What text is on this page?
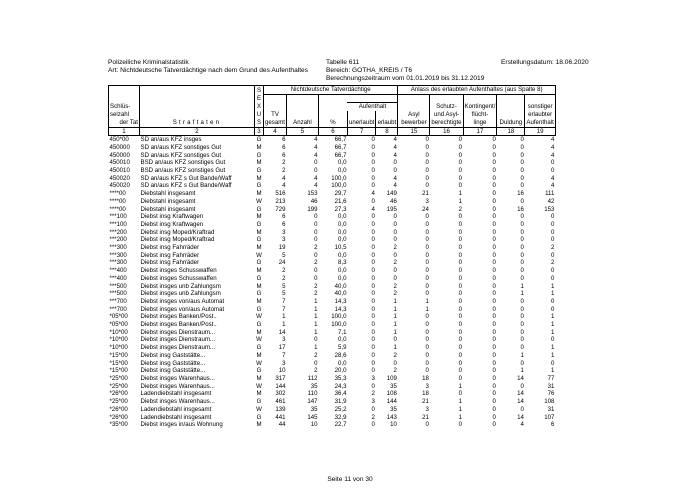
Polizeiliche Kriminalstatistik	Tabelle 611	Erstellungsdatum: 18.06.2020
Art: Nichtdeutsche Tatverdächtige nach dem Grund des Aufenthaltes	Bereich: GOTHA_KREIS / T6
Berechnungszeitraum vom 01.01.2019 bis 31.12.2019
		S	Nichtdeutsche Tatverdächtige					Anlass des erlaubten Aufenthaltes (aus Spalte 8)				
		E										
Schlüs-		X				Aufenthalt			Schutz-	Kontingent/		sonstiger
selzahl		U	TV					Asyl	und Asyl-	flücht-		erlaubter
der Tat	Straftaten	S	gesamt	Anzahl	%	unerlaubt	erlaubt	bewerber	berechtigte	linge	Duldung	Aufenthalt
1	2	3	4	5	6	7	8	15	16	17	18	19
450*00	SD an/aus KFZ insges	G	6	4	66,7	0	4	0	0	0	0	4
450000	SD an/aus KFZ sonstiges Gut	M	6	4	66,7	0	4	0	0	0	0	4
450000	SD an/aus KFZ sonstiges Gut	G	6	4	66,7	0	4	0	0	0	0	4
450010	BSD an/aus KFZ sonstiges Gut	M	2	0	0,0	0	0	0	0	0	0	0
450010	BSD an/aus KFZ sonstiges Gut	G	2	0	0,0	0	0	0	0	0	0	0
450020	SD an/aus KFZ s Gut Bande/Waff	M	4	4	100,0	0	4	0	0	0	0	4
450020	SD an/aus KFZ s Gut Bande/Waff	G	4	4	100,0	0	4	0	0	0	0	4
****00	Diebstahl insgesamt	M	516	153	29,7	4	149	21	1	0	16	111
****00	Diebstahl insgesamt	W	213	46	21,6	0	46	3	1	0	0	42
****00	Diebstahl insgesamt	G	729	199	27,3	4	195	24	2	0	16	153
***100	Diebst insg Kraftwagen	M	6	0	0,0	0	0	0	0	0	0	0
***100	Diebst insg Kraftwagen	G	6	0	0,0	0	0	0	0	0	0	0
***200	Diebst insg Moped/Kraftrad	M	3	0	0,0	0	0	0	0	0	0	0
***200	Diebst insg Moped/Kraftrad	G	3	0	0,0	0	0	0	0	0	0	0
***300	Diebst insg Fahrräder	M	19	2	10,5	0	2	0	0	0	0	2
***300	Diebst insg Fahrräder	W	5	0	0,0	0	0	0	0	0	0	0
***300	Diebst insg Fahrräder	G	24	2	8,3	0	2	0	0	0	0	2
***400	Diebst insges Schusswaffen	M	2	0	0,0	0	0	0	0	0	0	0
***400	Diebst insges Schusswaffen	G	2	0	0,0	0	0	0	0	0	0	0
***500	Diebst insges unb Zahlungsm	M	5	2	40,0	0	2	0	0	0	1	1
***500	Diebst insges unb Zahlungsm	G	5	2	40,0	0	2	0	0	0	1	1
***700	Diebst insges von/aus Automat	M	7	1	14,3	0	1	1	0	0	0	0
***700	Diebst insges von/aus Automat	G	7	1	14,3	0	1	1	0	0	0	0
*05*00	Diebst insges Banken/Post..	W	1	1	100,0	0	1	0	0	0	0	1
*05*00	Diebst insges Banken/Post..	G	1	1	100,0	0	1	0	0	0	0	1
*10*00	Diebst insges Dienstraum...	M	14	1	7,1	0	1	0	0	0	0	1
*10*00	Diebst insges Dienstraum...	W	3	0	0,0	0	0	0	0	0	0	0
*10*00	Diebst insges Dienstraum...	G	17	1	5,9	0	1	0	0	0	0	1
*15*00	Diebst insg Gaststätte...	M	7	2	28,6	0	2	0	0	0	1	1
*15*00	Diebst insg Gaststätte...	W	3	0	0,0	0	0	0	0	0	0	0
*15*00	Diebst insg Gaststätte...	G	10	2	20,0	0	2	0	0	0	1	1
*25*00	Diebst insges Warenhaus...	M	317	112	35,3	3	109	18	0	0	14	77
*25*00	Diebst insges Warenhaus...	W	144	35	24,3	0	35	3	1	0	0	31
*26*00	Ladendiebstahl insgesamt	M	302	110	36,4	2	108	18	0	0	14	76
*25*00	Diebst insges Warenhaus...	G	461	147	31,9	3	144	21	1	0	14	108
*26*00	Ladendiebstahl insgesamt	W	139	35	25,2	0	35	3	1	0	0	31
*26*00	Ladendiebstahl insgesamt	G	441	145	32,9	2	143	21	1	0	14	107
*35*00	Diebst insges in/aus Wohnung	M	44	10	22,7	0	10	0	0	0	4	6
Seite 11 von 30
